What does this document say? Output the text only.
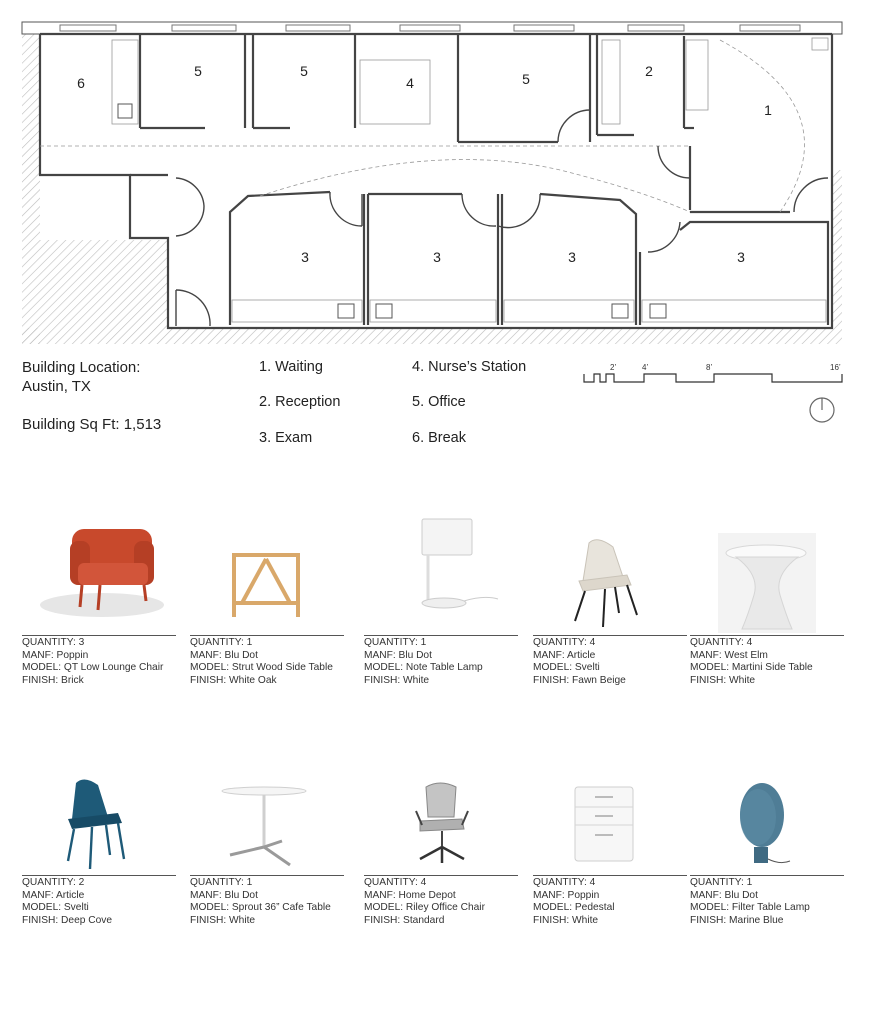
6
5	5
4	5	2
1
3	3	3	3
Building Location:
Austin, TX
Building Sq Ft: 1,513
1. Waiting
2. Reception
3. Exam
4. Nurse’s Station
5. Office
6. Break
2’	4’	8’	16’
QUANTITY: 3
MANF: Poppin
MODEL: QT Low Lounge Chair
FINISH: Brick
QUANTITY: 1
MANF: Blu Dot
MODEL: Strut Wood Side Table
FINISH: White Oak
QUANTITY: 1
MANF: Blu Dot
MODEL: Note Table Lamp
FINISH: White
QUANTITY: 4
MANF: Article
MODEL: Svelti
FINISH: Fawn Beige
QUANTITY: 4
MANF: West Elm
MODEL: Martini Side Table
FINISH: White
QUANTITY: 2
MANF: Article
MODEL: Svelti
FINISH: Deep Cove
QUANTITY: 1
MANF: Blu Dot
MODEL: Sprout 36” Cafe Table
FINISH: White
QUANTITY: 4
MANF: Home Depot
MODEL: Riley Office Chair
FINISH: Standard
QUANTITY: 4
MANF: Poppin
MODEL: Pedestal
FINISH: White
QUANTITY: 1
MANF: Blu Dot
MODEL: Filter Table Lamp
FINISH: Marine Blue
